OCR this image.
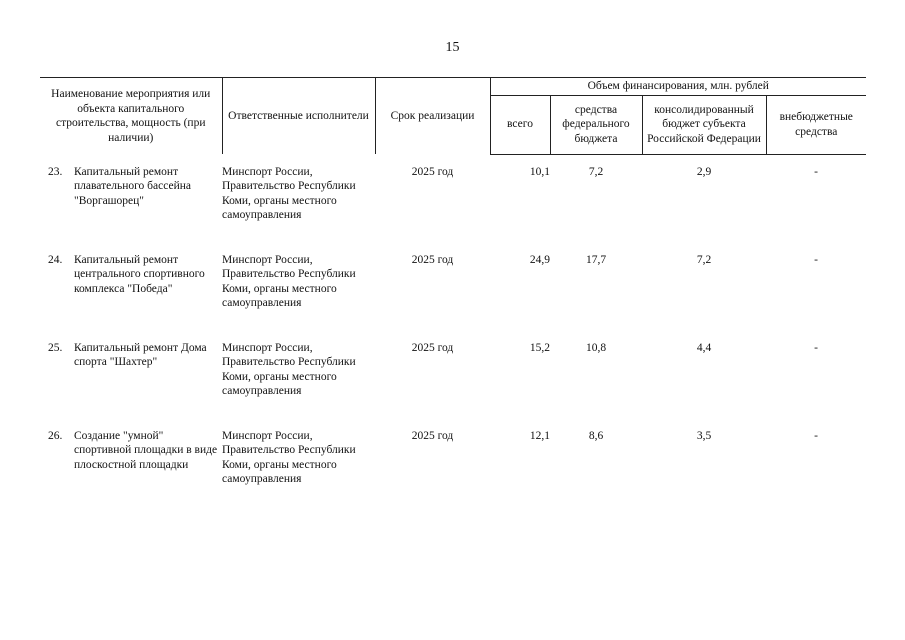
15
Наименование мероприятия или объекта капитального строительства, мощность (при наличии)	Ответственные исполнители	Срок реализации	Объем финансирования, млн. рублей			
			всего	средства федерального бюджета	консолидированный бюджет субъекта Российской Федерации	внебюджетные средства

23. Капитальный ремонт плавательного бассейна "Воргашорец"	Минспорт России, Правительство Республики Коми, органы местного самоуправления	2025 год	10,1	7,2	2,9	-

24. Капитальный ремонт центрального спортивного комплекса "Победа"	Минспорт России, Правительство Республики Коми, органы местного самоуправления	2025 год	24,9	17,7	7,2	-

25. Капитальный ремонт Дома спорта "Шахтер"	Минспорт России, Правительство Республики Коми, органы местного самоуправления	2025 год	15,2	10,8	4,4	-

26. Создание "умной" спортивной площадки в виде плоскостной площадки	Минспорт России, Правительство Республики Коми, органы местного самоуправления	2025 год	12,1	8,6	3,5	-
